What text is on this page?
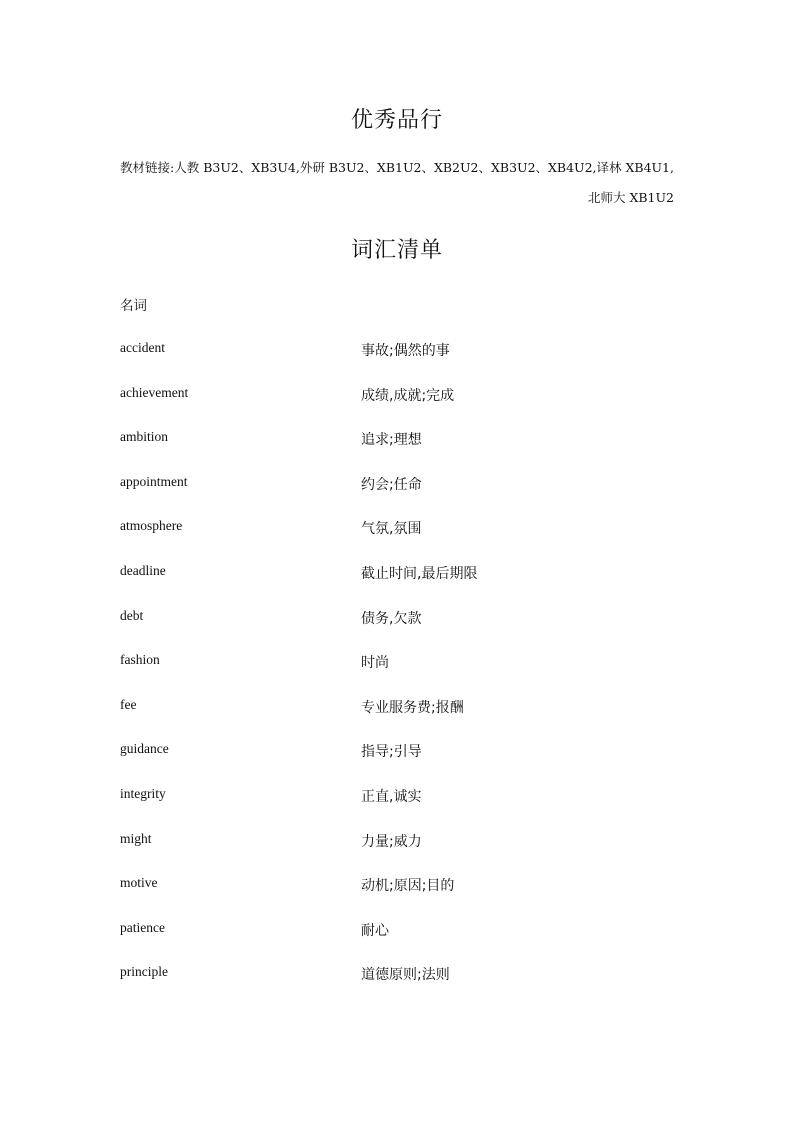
优秀品行
教材链接:人教 B3U2、XB3U4,外研 B3U2、XB1U2、XB2U2、XB3U2、XB4U2,译林 XB4U1,
北师大 XB1U2
词汇清单
名词
accident	事故;偶然的事
achievement	成绩,成就;完成
ambition	追求;理想
appointment	约会;任命
atmosphere	气氛,氛围
deadline	截止时间,最后期限
debt	债务,欠款
fashion	时尚
fee	专业服务费;报酬
guidance	指导;引导
integrity	正直,诚实
might	力量;威力
motive	动机;原因;目的
patience	耐心
principle	道德原则;法则
